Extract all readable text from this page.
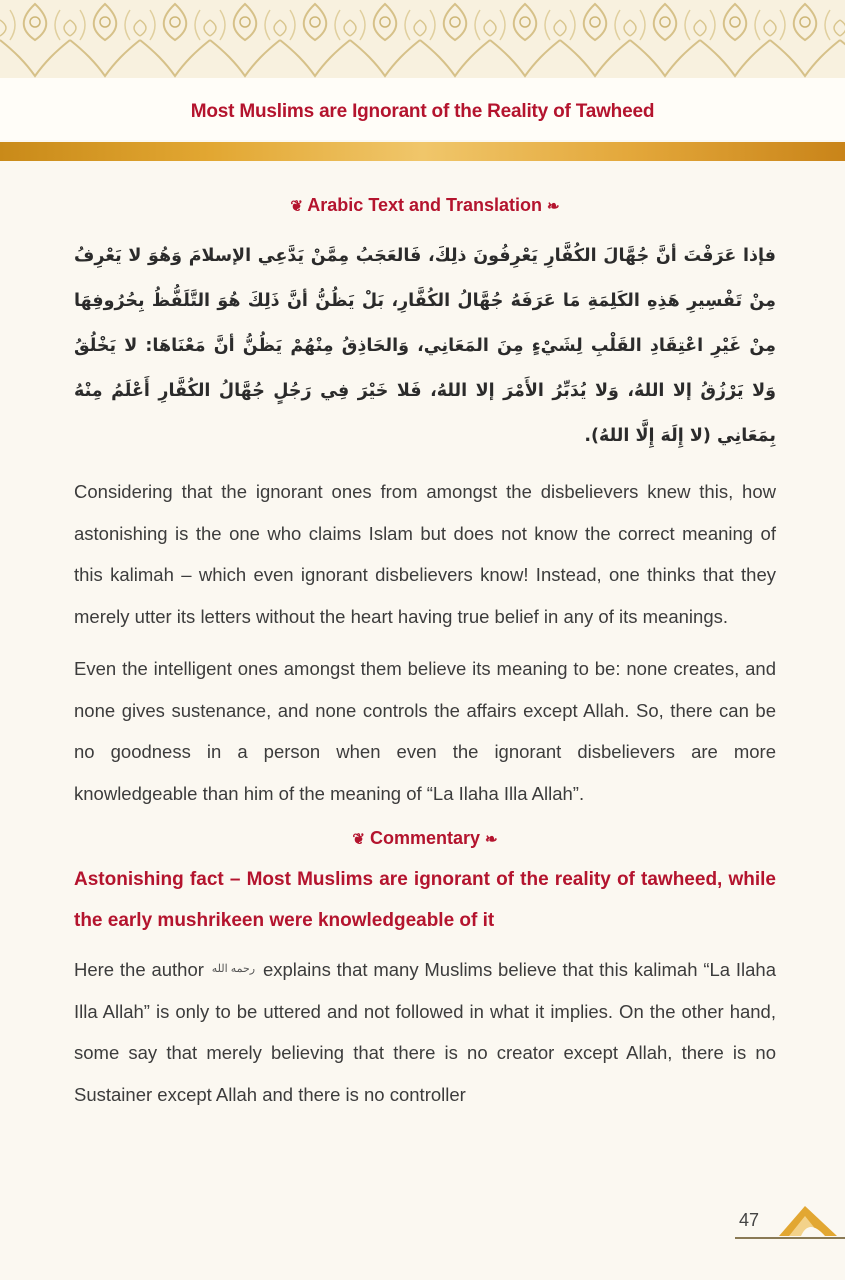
Most Muslims are Ignorant of the Reality of Tawheed

❦ Arabic Text and Translation ❧

فإذا عَرَفْتَ أنَّ جُهَّالَ الكُفَّارِ يَعْرِفُونَ ذلِكَ، فَالعَجَبُ مِمَّنْ يَدَّعِي الإسلامَ وَهُوَ لا يَعْرِفُ مِنْ تَفْسِيرِ هَذِهِ الكَلِمَةِ مَا عَرَفَهُ جُهَّالُ الكُفَّارِ، بَلْ يَظُنُّ أنَّ ذَلِكَ هُوَ التَّلَفُّظُ بِحُرُوفِهَا مِنْ غَيْرِ اعْتِقَادِ القَلْبِ لِشَيْءٍ مِنَ المَعَانِي، وَالحَاذِقُ مِنْهُمْ يَظُنُّ أنَّ مَعْنَاهَا: لا يَخْلُقُ وَلا يَرْزُقُ إلا اللهُ، وَلا يُدَبِّرُ الأَمْرَ إلا اللهُ، فَلا خَيْرَ فِي رَجُلٍ جُهَّالُ الكُفَّارِ أَعْلَمُ مِنْهُ بِمَعَانِي (لا إِلَهَ إِلَّا اللهُ).

Considering that the ignorant ones from amongst the disbelievers knew this, how astonishing is the one who claims Islam but does not know the correct meaning of this kalimah – which even ignorant disbelievers know! Instead, one thinks that they merely utter its letters without the heart having true belief in any of its meanings.

Even the intelligent ones amongst them believe its meaning to be: none creates, and none gives sustenance, and none controls the affairs except Allah. So, there can be no goodness in a person when even the ignorant disbelievers are more knowledgeable than him of the meaning of “La Ilaha Illa Allah”.

❦ Commentary ❧

Astonishing fact – Most Muslims are ignorant of the reality of tawheed, while the early mushrikeen were knowledgeable of it

Here the author رحمه الله explains that many Muslims believe that this kalimah “La Ilaha Illa Allah” is only to be uttered and not followed in what it implies. On the other hand, some say that merely believing that there is no creator except Allah, there is no Sustainer except Allah and there is no controller

47
